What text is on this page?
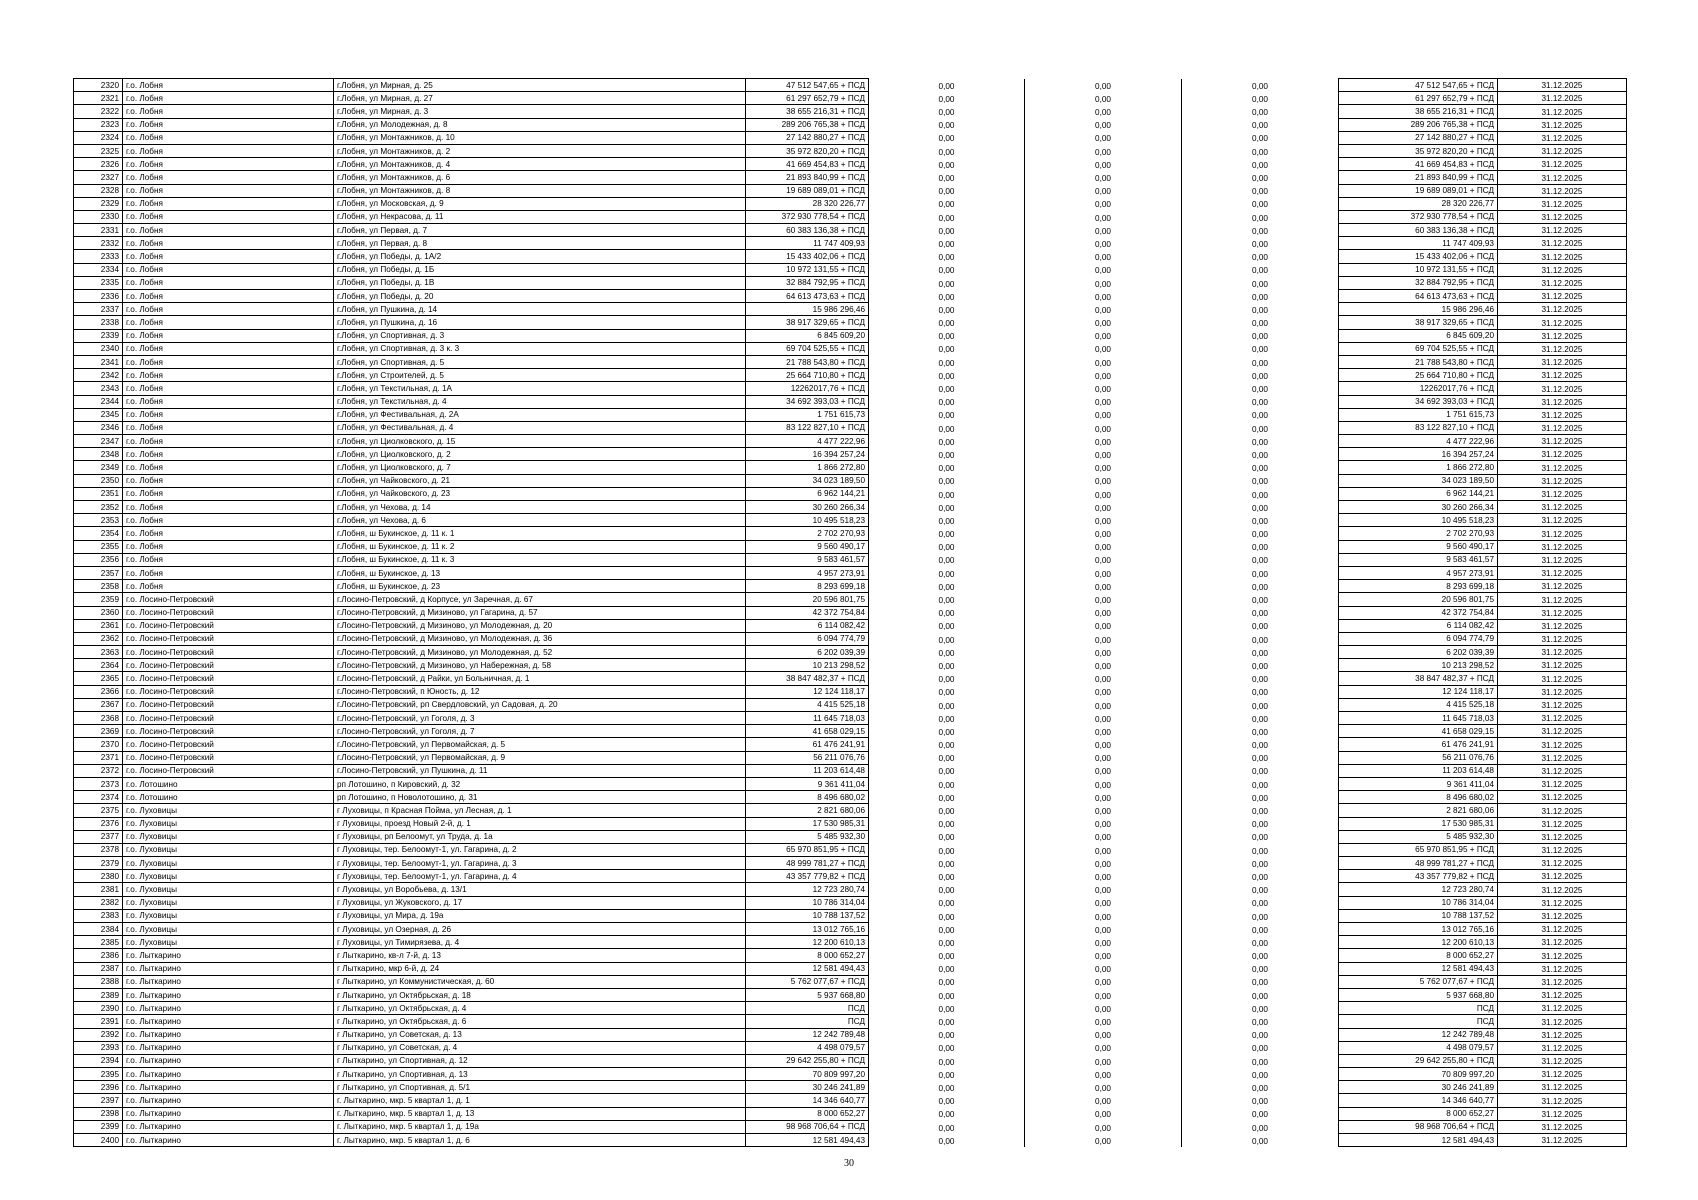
2320	г.о. Лобня	г.Лобня, ул Мирная, д. 25	47 512 547,65 + ПСД	0,00	0,00	0,00	47 512 547,65 + ПСД	31.12.2025
2321	г.о. Лобня	г.Лобня, ул Мирная, д. 27	61 297 652,79 + ПСД	0,00	0,00	0,00	61 297 652,79 + ПСД	31.12.2025
2322	г.о. Лобня	г.Лобня, ул Мирная, д. 3	38 655 216,31 + ПСД	0,00	0,00	0,00	38 655 216,31 + ПСД	31.12.2025
2323	г.о. Лобня	г.Лобня, ул Молодежная, д. 8	289 206 765,38 + ПСД	0,00	0,00	0,00	289 206 765,38 + ПСД	31.12.2025
2324	г.о. Лобня	г.Лобня, ул Монтажников, д. 10	27 142 880,27 + ПСД	0,00	0,00	0,00	27 142 880,27 + ПСД	31.12.2025
2325	г.о. Лобня	г.Лобня, ул Монтажников, д. 2	35 972 820,20 + ПСД	0,00	0,00	0,00	35 972 820,20 + ПСД	31.12.2025
2326	г.о. Лобня	г.Лобня, ул Монтажников, д. 4	41 669 454,83 + ПСД	0,00	0,00	0,00	41 669 454,83 + ПСД	31.12.2025
2327	г.о. Лобня	г.Лобня, ул Монтажников, д. 6	21 893 840,99 + ПСД	0,00	0,00	0,00	21 893 840,99 + ПСД	31.12.2025
2328	г.о. Лобня	г.Лобня, ул Монтажников, д. 8	19 689 089,01 + ПСД	0,00	0,00	0,00	19 689 089,01 + ПСД	31.12.2025
2329	г.о. Лобня	г.Лобня, ул Московская, д. 9	28 320 226,77	0,00	0,00	0,00	28 320 226,77	31.12.2025
2330	г.о. Лобня	г.Лобня, ул Некрасова, д. 11	372 930 778,54 + ПСД	0,00	0,00	0,00	372 930 778,54 + ПСД	31.12.2025
2331	г.о. Лобня	г.Лобня, ул Первая, д. 7	60 383 136,38 + ПСД	0,00	0,00	0,00	60 383 136,38 + ПСД	31.12.2025
2332	г.о. Лобня	г.Лобня, ул Первая, д. 8	11 747 409,93	0,00	0,00	0,00	11 747 409,93	31.12.2025
2333	г.о. Лобня	г.Лобня, ул Победы, д. 1А/2	15 433 402,06 + ПСД	0,00	0,00	0,00	15 433 402,06 + ПСД	31.12.2025
2334	г.о. Лобня	г.Лобня, ул Победы, д. 1Б	10 972 131,55 + ПСД	0,00	0,00	0,00	10 972 131,55 + ПСД	31.12.2025
2335	г.о. Лобня	г.Лобня, ул Победы, д. 1В	32 884 792,95 + ПСД	0,00	0,00	0,00	32 884 792,95 + ПСД	31.12.2025
2336	г.о. Лобня	г.Лобня, ул Победы, д. 20	64 613 473,63 + ПСД	0,00	0,00	0,00	64 613 473,63 + ПСД	31.12.2025
2337	г.о. Лобня	г.Лобня, ул Пушкина, д. 14	15 986 296,46	0,00	0,00	0,00	15 986 296,46	31.12.2025
2338	г.о. Лобня	г.Лобня, ул Пушкина, д. 16	38 917 329,65 + ПСД	0,00	0,00	0,00	38 917 329,65 + ПСД	31.12.2025
2339	г.о. Лобня	г.Лобня, ул Спортивная, д. 3	6 845 609,20	0,00	0,00	0,00	6 845 609,20	31.12.2025
2340	г.о. Лобня	г.Лобня, ул Спортивная, д. 3 к. 3	69 704 525,55 + ПСД	0,00	0,00	0,00	69 704 525,55 + ПСД	31.12.2025
2341	г.о. Лобня	г.Лобня, ул Спортивная, д. 5	21 788 543,80 + ПСД	0,00	0,00	0,00	21 788 543,80 + ПСД	31.12.2025
2342	г.о. Лобня	г.Лобня, ул Строителей, д. 5	25 664 710,80 + ПСД	0,00	0,00	0,00	25 664 710,80 + ПСД	31.12.2025
2343	г.о. Лобня	г.Лобня, ул Текстильная, д. 1А	12262017,76 + ПСД	0,00	0,00	0,00	12262017,76 + ПСД	31.12.2025
2344	г.о. Лобня	г.Лобня, ул Текстильная, д. 4	34 692 393,03 + ПСД	0,00	0,00	0,00	34 692 393,03 + ПСД	31.12.2025
2345	г.о. Лобня	г.Лобня, ул Фестивальная, д. 2А	1 751 615,73	0,00	0,00	0,00	1 751 615,73	31.12.2025
2346	г.о. Лобня	г.Лобня, ул Фестивальная, д. 4	83 122 827,10 + ПСД	0,00	0,00	0,00	83 122 827,10 + ПСД	31.12.2025
2347	г.о. Лобня	г.Лобня, ул Циолковского, д. 15	4 477 222,96	0,00	0,00	0,00	4 477 222,96	31.12.2025
2348	г.о. Лобня	г.Лобня, ул Циолковского, д. 2	16 394 257,24	0,00	0,00	0,00	16 394 257,24	31.12.2025
2349	г.о. Лобня	г.Лобня, ул Циолковского, д. 7	1 866 272,80	0,00	0,00	0,00	1 866 272,80	31.12.2025
2350	г.о. Лобня	г.Лобня, ул Чайковского, д. 21	34 023 189,50	0,00	0,00	0,00	34 023 189,50	31.12.2025
2351	г.о. Лобня	г.Лобня, ул Чайковского, д. 23	6 962 144,21	0,00	0,00	0,00	6 962 144,21	31.12.2025
2352	г.о. Лобня	г.Лобня, ул Чехова, д. 14	30 260 266,34	0,00	0,00	0,00	30 260 266,34	31.12.2025
2353	г.о. Лобня	г.Лобня, ул Чехова, д. 6	10 495 518,23	0,00	0,00	0,00	10 495 518,23	31.12.2025
2354	г.о. Лобня	г.Лобня, ш Букинское, д. 11 к. 1	2 702 270,93	0,00	0,00	0,00	2 702 270,93	31.12.2025
2355	г.о. Лобня	г.Лобня, ш Букинское, д. 11 к. 2	9 560 490,17	0,00	0,00	0,00	9 560 490,17	31.12.2025
2356	г.о. Лобня	г.Лобня, ш Букинское, д. 11 к. 3	9 583 461,57	0,00	0,00	0,00	9 583 461,57	31.12.2025
2357	г.о. Лобня	г.Лобня, ш Букинское, д. 13	4 957 273,91	0,00	0,00	0,00	4 957 273,91	31.12.2025
2358	г.о. Лобня	г.Лобня, ш Букинское, д. 23	8 293 699,18	0,00	0,00	0,00	8 293 699,18	31.12.2025
2359	г.о. Лосино-Петровский	г.Лосино-Петровский, д Корпусе, ул Заречная, д. 67	20 596 801,75	0,00	0,00	0,00	20 596 801,75	31.12.2025
2360	г.о. Лосино-Петровский	г.Лосино-Петровский, д Мизиново, ул Гагарина, д. 57	42 372 754,84	0,00	0,00	0,00	42 372 754,84	31.12.2025
2361	г.о. Лосино-Петровский	г.Лосино-Петровский, д Мизиново, ул Молодежная, д. 20	6 114 082,42	0,00	0,00	0,00	6 114 082,42	31.12.2025
2362	г.о. Лосино-Петровский	г.Лосино-Петровский, д Мизиново, ул Молодежная, д. 36	6 094 774,79	0,00	0,00	0,00	6 094 774,79	31.12.2025
2363	г.о. Лосино-Петровский	г.Лосино-Петровский, д Мизиново, ул Молодежная, д. 52	6 202 039,39	0,00	0,00	0,00	6 202 039,39	31.12.2025
2364	г.о. Лосино-Петровский	г.Лосино-Петровский, д Мизиново, ул Набережная, д. 58	10 213 298,52	0,00	0,00	0,00	10 213 298,52	31.12.2025
2365	г.о. Лосино-Петровский	г.Лосино-Петровский, д Райки, ул Больничная, д. 1	38 847 482,37 + ПСД	0,00	0,00	0,00	38 847 482,37 + ПСД	31.12.2025
2366	г.о. Лосино-Петровский	г.Лосино-Петровский, п Юность, д. 12	12 124 118,17	0,00	0,00	0,00	12 124 118,17	31.12.2025
2367	г.о. Лосино-Петровский	г.Лосино-Петровский, рп Свердловский, ул Садовая, д. 20	4 415 525,18	0,00	0,00	0,00	4 415 525,18	31.12.2025
2368	г.о. Лосино-Петровский	г.Лосино-Петровский, ул Гоголя, д. 3	11 645 718,03	0,00	0,00	0,00	11 645 718,03	31.12.2025
2369	г.о. Лосино-Петровский	г.Лосино-Петровский, ул Гоголя, д. 7	41 658 029,15	0,00	0,00	0,00	41 658 029,15	31.12.2025
2370	г.о. Лосино-Петровский	г.Лосино-Петровский, ул Первомайская, д. 5	61 476 241,91	0,00	0,00	0,00	61 476 241,91	31.12.2025
2371	г.о. Лосино-Петровский	г.Лосино-Петровский, ул Первомайская, д. 9	56 211 076,76	0,00	0,00	0,00	56 211 076,76	31.12.2025
2372	г.о. Лосино-Петровский	г.Лосино-Петровский, ул Пушкина, д. 11	11 203 614,48	0,00	0,00	0,00	11 203 614,48	31.12.2025
2373	г.о. Лотошино	рп Лотошино, п Кировский, д. 32	9 361 411,04	0,00	0,00	0,00	9 361 411,04	31.12.2025
2374	г.о. Лотошино	рп Лотошино, п Новолотошино, д. 31	8 496 680,02	0,00	0,00	0,00	8 496 680,02	31.12.2025
2375	г.о. Луховицы	г Луховицы, п Красная Пойма, ул Лесная, д. 1	2 821 680,06	0,00	0,00	0,00	2 821 680,06	31.12.2025
2376	г.о. Луховицы	г Луховицы, проезд Новый 2-й, д. 1	17 530 985,31	0,00	0,00	0,00	17 530 985,31	31.12.2025
2377	г.о. Луховицы	г Луховицы, рп Белоомут, ул Труда, д. 1а	5 485 932,30	0,00	0,00	0,00	5 485 932,30	31.12.2025
2378	г.о. Луховицы	г Луховицы, тер. Белоомут-1, ул. Гагарина, д. 2	65 970 851,95 + ПСД	0,00	0,00	0,00	65 970 851,95 + ПСД	31.12.2025
2379	г.о. Луховицы	г Луховицы, тер. Белоомут-1, ул. Гагарина, д. 3	48 999 781,27 + ПСД	0,00	0,00	0,00	48 999 781,27 + ПСД	31.12.2025
2380	г.о. Луховицы	г Луховицы, тер. Белоомут-1, ул. Гагарина, д. 4	43 357 779,82 + ПСД	0,00	0,00	0,00	43 357 779,82 + ПСД	31.12.2025
2381	г.о. Луховицы	г Луховицы, ул Воробьева, д. 13/1	12 723 280,74	0,00	0,00	0,00	12 723 280,74	31.12.2025
2382	г.о. Луховицы	г Луховицы, ул Жуковского, д. 17	10 786 314,04	0,00	0,00	0,00	10 786 314,04	31.12.2025
2383	г.о. Луховицы	г Луховицы, ул Мира, д. 19а	10 788 137,52	0,00	0,00	0,00	10 788 137,52	31.12.2025
2384	г.о. Луховицы	г Луховицы, ул Озерная, д. 26	13 012 765,16	0,00	0,00	0,00	13 012 765,16	31.12.2025
2385	г.о. Луховицы	г Луховицы, ул Тимирязева, д. 4	12 200 610,13	0,00	0,00	0,00	12 200 610,13	31.12.2025
2386	г.о. Лыткарино	г Лыткарино, кв-л 7-й, д. 13	8 000 652,27	0,00	0,00	0,00	8 000 652,27	31.12.2025
2387	г.о. Лыткарино	г Лыткарино, мкр 6-й, д. 24	12 581 494,43	0,00	0,00	0,00	12 581 494,43	31.12.2025
2388	г.о. Лыткарино	г Лыткарино, ул Коммунистическая, д. 60	5 762 077,67 + ПСД	0,00	0,00	0,00	5 762 077,67 + ПСД	31.12.2025
2389	г.о. Лыткарино	г Лыткарино, ул Октябрьская, д. 18	5 937 668,80	0,00	0,00	0,00	5 937 668,80	31.12.2025
2390	г.о. Лыткарино	г Лыткарино, ул Октябрьская, д. 4	ПСД	0,00	0,00	0,00	ПСД	31.12.2025
2391	г.о. Лыткарино	г Лыткарино, ул Октябрьская, д. 6	ПСД	0,00	0,00	0,00	ПСД	31.12.2025
2392	г.о. Лыткарино	г Лыткарино, ул Советская, д. 13	12 242 789,48	0,00	0,00	0,00	12 242 789,48	31.12.2025
2393	г.о. Лыткарино	г Лыткарино, ул Советская, д. 4	4 498 079,57	0,00	0,00	0,00	4 498 079,57	31.12.2025
2394	г.о. Лыткарино	г Лыткарино, ул Спортивная, д. 12	29 642 255,80 + ПСД	0,00	0,00	0,00	29 642 255,80 + ПСД	31.12.2025
2395	г.о. Лыткарино	г Лыткарино, ул Спортивная, д. 13	70 809 997,20	0,00	0,00	0,00	70 809 997,20	31.12.2025
2396	г.о. Лыткарино	г Лыткарино, ул Спортивная, д. 5/1	30 246 241,89	0,00	0,00	0,00	30 246 241,89	31.12.2025
2397	г.о. Лыткарино	г. Лыткарино, мкр. 5 квартал 1, д. 1	14 346 640,77	0,00	0,00	0,00	14 346 640,77	31.12.2025
2398	г.о. Лыткарино	г. Лыткарино, мкр. 5 квартал 1, д. 13	8 000 652,27	0,00	0,00	0,00	8 000 652,27	31.12.2025
2399	г.о. Лыткарино	г. Лыткарино, мкр. 5 квартал 1, д. 19а	98 968 706,64 + ПСД	0,00	0,00	0,00	98 968 706,64 + ПСД	31.12.2025
2400	г.о. Лыткарино	г. Лыткарино, мкр. 5 квартал 1, д. 6	12 581 494,43	0,00	0,00	0,00	12 581 494,43	31.12.2025
30
